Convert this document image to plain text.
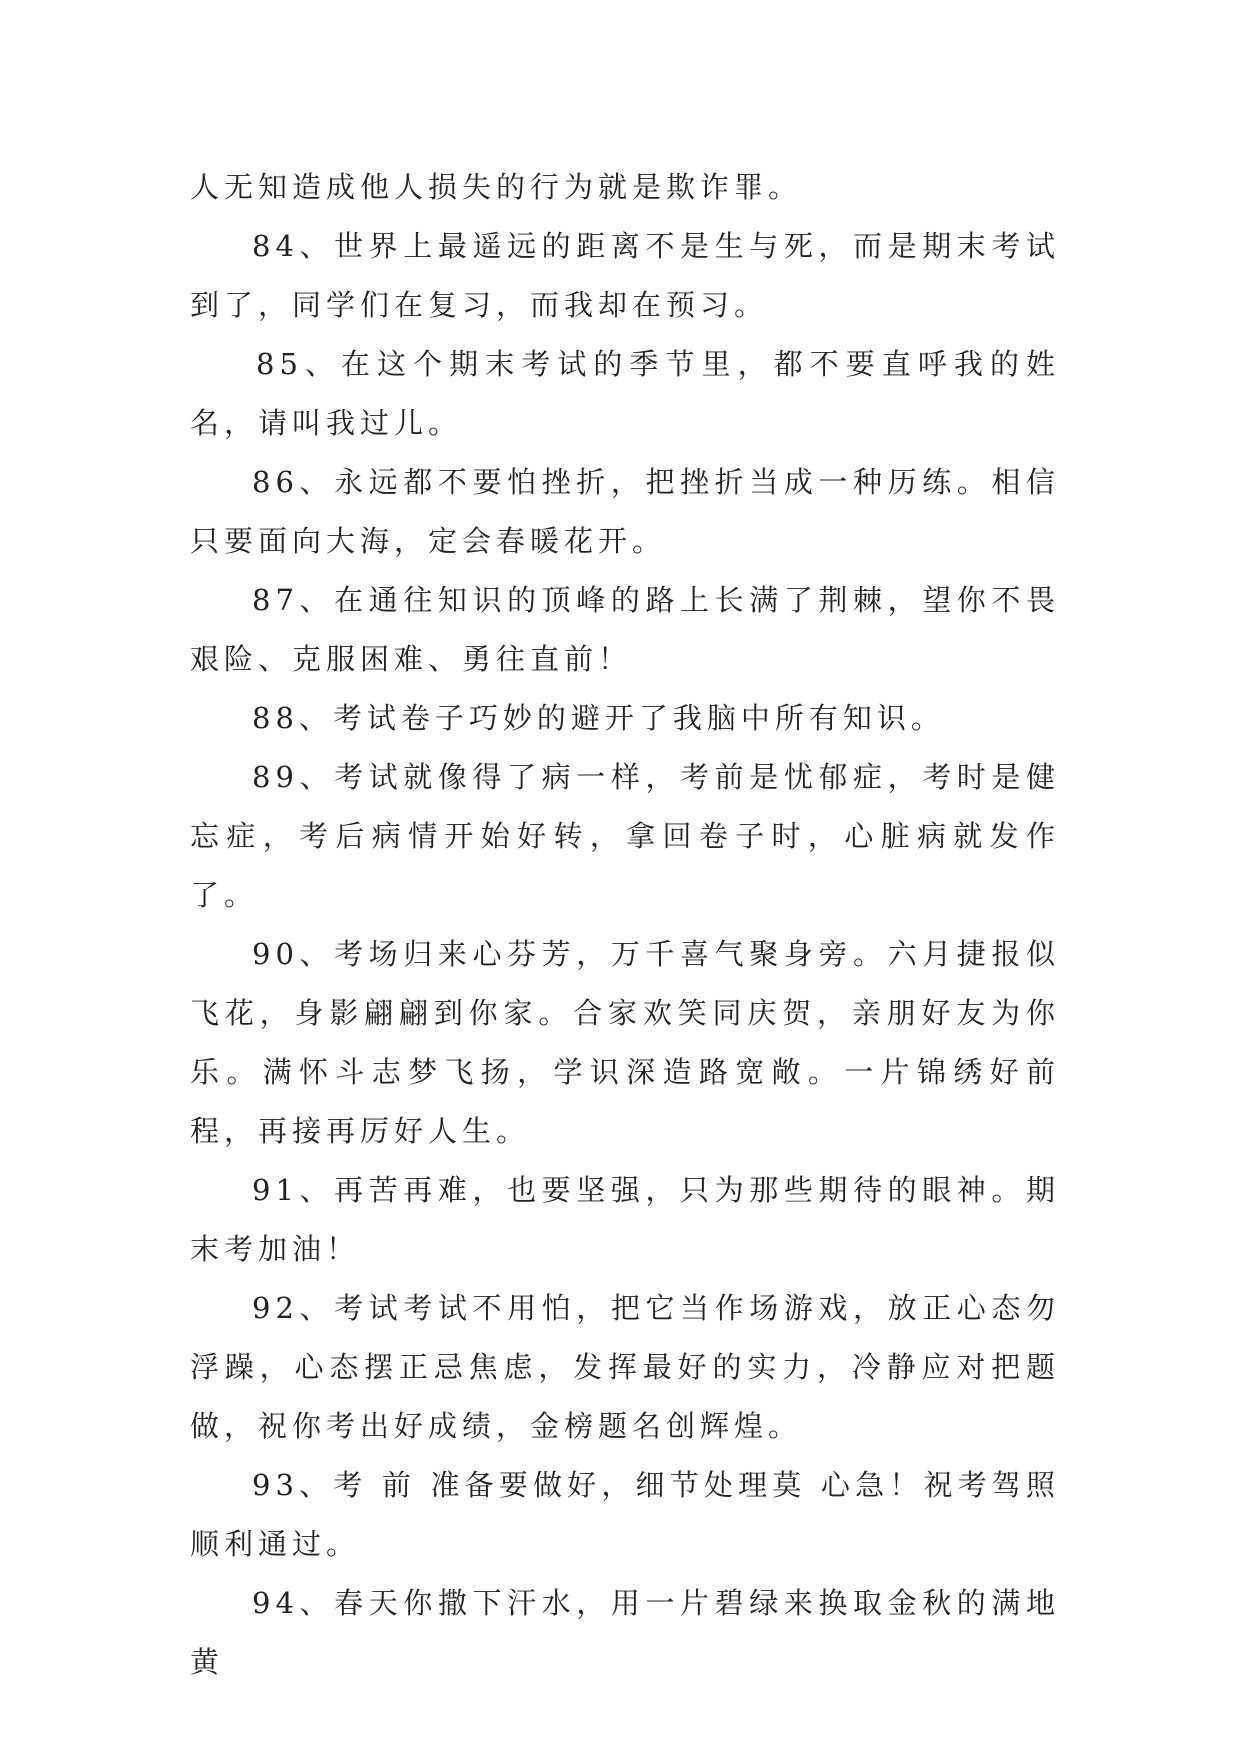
人无知造成他人损失的行为就是欺诈罪。

84、世界上最遥远的距离不是生与死，而是期末考试到了，同学们在复习，而我却在预习。

85、在这个期末考试的季节里，都不要直呼我的姓名，请叫我过儿。

86、永远都不要怕挫折，把挫折当成一种历练。相信只要面向大海，定会春暖花开。

87、在通往知识的顶峰的路上长满了荆棘，望你不畏艰险、克服困难、勇往直前！

88、考试卷子巧妙的避开了我脑中所有知识。

89、考试就像得了病一样，考前是忧郁症，考时是健忘症，考后病情开始好转，拿回卷子时，心脏病就发作了。

90、考场归来心芬芳，万千喜气聚身旁。六月捷报似飞花，身影翩翩到你家。合家欢笑同庆贺，亲朋好友为你乐。满怀斗志梦飞扬，学识深造路宽敞。一片锦绣好前程，再接再厉好人生。

91、再苦再难，也要坚强，只为那些期待的眼神。期末考加油！

92、考试考试不用怕，把它当作场游戏，放正心态勿浮躁，心态摆正忌焦虑，发挥最好的实力，冷静应对把题做，祝你考出好成绩，金榜题名创辉煌。

93、考 前 准备要做好，细节处理莫 心急！祝考驾照顺利通过。

94、春天你撒下汗水，用一片碧绿来换取金秋的满地黄
